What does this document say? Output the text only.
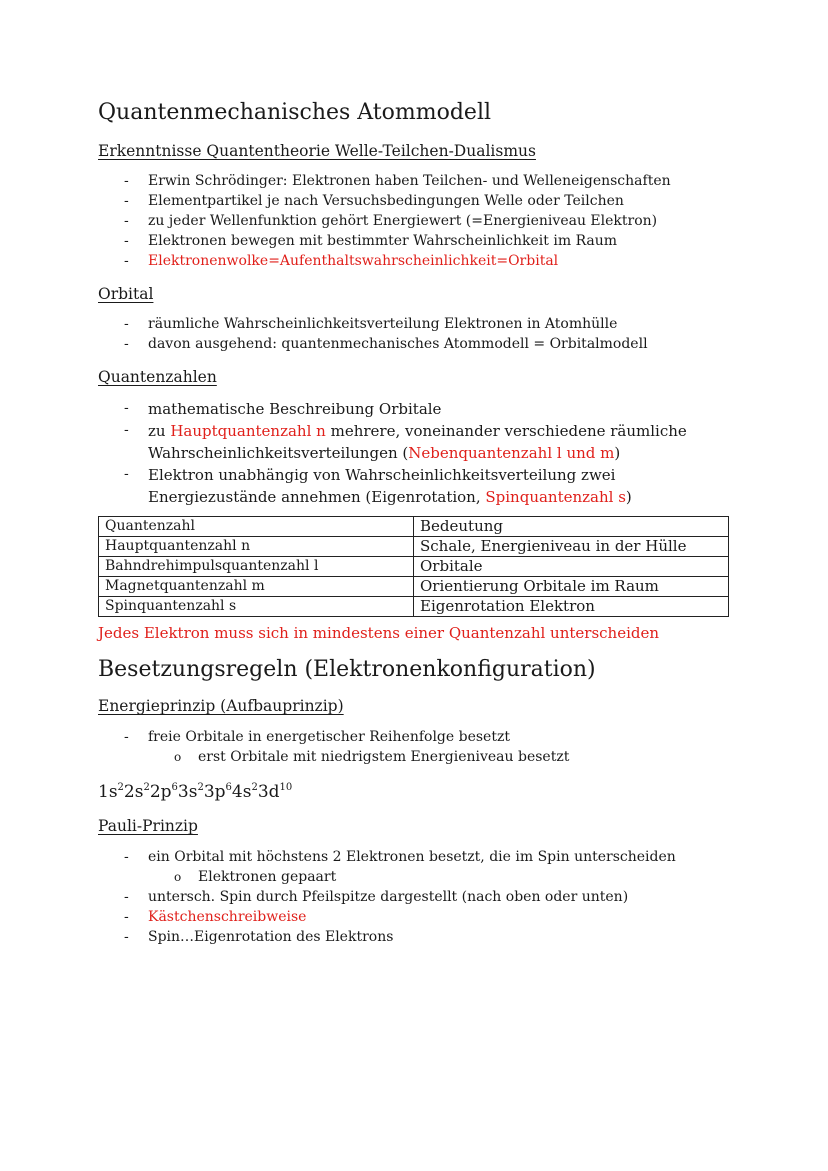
Quantenmechanisches Atommodell
Erkenntnisse Quantentheorie Welle-Teilchen-Dualismus
- Erwin Schrödinger: Elektronen haben Teilchen- und Welleneigenschaften
- Elementpartikel je nach Versuchsbedingungen Welle oder Teilchen
- zu jeder Wellenfunktion gehört Energiewert (=Energieniveau Elektron)
- Elektronen bewegen mit bestimmter Wahrscheinlichkeit im Raum
- Elektronenwolke=Aufenthaltswahrscheinlichkeit=Orbital
Orbital
- räumliche Wahrscheinlichkeitsverteilung Elektronen in Atomhülle
- davon ausgehend: quantenmechanisches Atommodell = Orbitalmodell
Quantenzahlen
- mathematische Beschreibung Orbitale
- zu Hauptquantenzahl n mehrere, voneinander verschiedene räumliche
Wahrscheinlichkeitsverteilungen (Nebenquantenzahl l und m)
- Elektron unabhängig von Wahrscheinlichkeitsverteilung zwei
Energiezustände annehmen (Eigenrotation, Spinquantenzahl s)
Quantenzahl	Bedeutung
Hauptquantenzahl n	Schale, Energieniveau in der Hülle
Bahndrehimpulsquantenzahl l	Orbitale
Magnetquantenzahl m	Orientierung Orbitale im Raum
Spinquantenzahl s	Eigenrotation Elektron
Jedes Elektron muss sich in mindestens einer Quantenzahl unterscheiden
Besetzungsregeln (Elektronenkonfiguration)
Energieprinzip (Aufbauprinzip)
- freie Orbitale in energetischer Reihenfolge besetzt
o erst Orbitale mit niedrigstem Energieniveau besetzt
$1s^22s^22p^63s^23p^64s^23d^{10}$
Pauli-Prinzip
- ein Orbital mit höchstens 2 Elektronen besetzt, die im Spin unterscheiden
o Elektronen gepaart
- untersch. Spin durch Pfeilspitze dargestellt (nach oben oder unten)
- Kästchenschreibweise
- Spin…Eigenrotation des Elektrons
